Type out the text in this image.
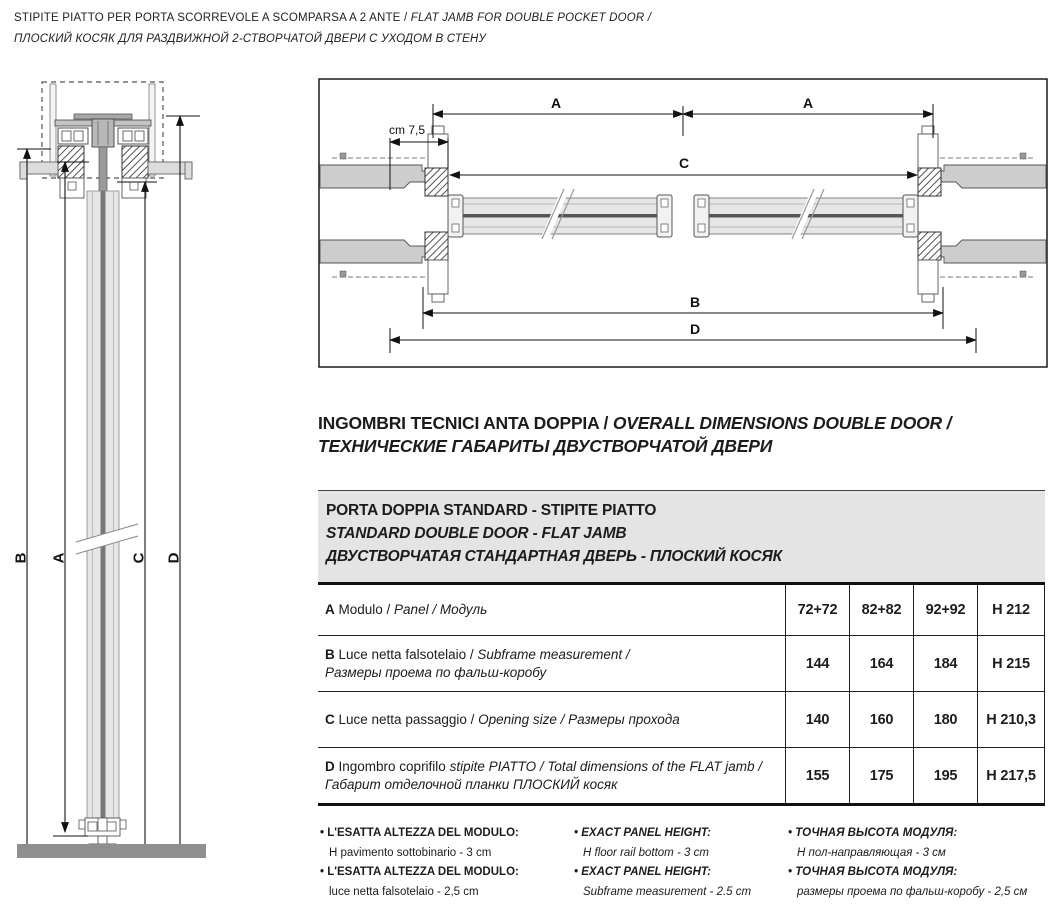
STIPITE PIATTO PER PORTA SCORREVOLE A SCOMPARSA A 2 ANTE / FLAT JAMB FOR DOUBLE POCKET DOOR /
ПЛОСКИЙ КОСЯК ДЛЯ РАЗДВИЖНОЙ 2-СТВОРЧАТОЙ ДВЕРИ С УХОДОМ В СТЕНУ
B A	C D
A	A
cm 7,5
C
B
D
INGOMBRI TECNICI ANTA DOPPIA / OVERALL DIMENSIONS DOUBLE DOOR /
ТЕХНИЧЕСКИЕ ГАБАРИТЫ ДВУСТВОРЧАТОЙ ДВЕРИ
PORTA DOPPIA STANDARD - STIPITE PIATTO
STANDARD DOUBLE DOOR - FLAT JAMB
ДВУСТВОРЧАТАЯ СТАНДАРТНАЯ ДВЕРЬ - ПЛОСКИЙ КОСЯК
A Modulo / Panel / Модуль	72+72	82+82	92+92	H 212
B Luce netta falsotelaio / Subframe measurement /
Размеры проема по фальш-коробу
144	164	184	H 215
C Luce netta passaggio / Opening size / Размеры прохода	140	160	180	H 210,3
D Ingombro coprifilo stipite PIATTO / Total dimensions of the FLAT jamb /
Габарит отделочной планки ПЛОСКИЙ косяк
155	175	195	H 217,5
• L'ESATTA ALTEZZA DEL MODULO:
H pavimento sottobinario - 3 cm
• L'ESATTA ALTEZZA DEL MODULO:
luce netta falsotelaio - 2,5 cm
• EXACT PANEL HEIGHT:
H floor rail bottom - 3 cm
• EXACT PANEL HEIGHT:
Subframe measurement - 2.5 cm
• ТОЧНАЯ ВЫСОТА МОДУЛЯ:
Н пол-направляющая - 3 см
• ТОЧНАЯ ВЫСОТА МОДУЛЯ:
размеры проема по фальш-коробу - 2,5 см
